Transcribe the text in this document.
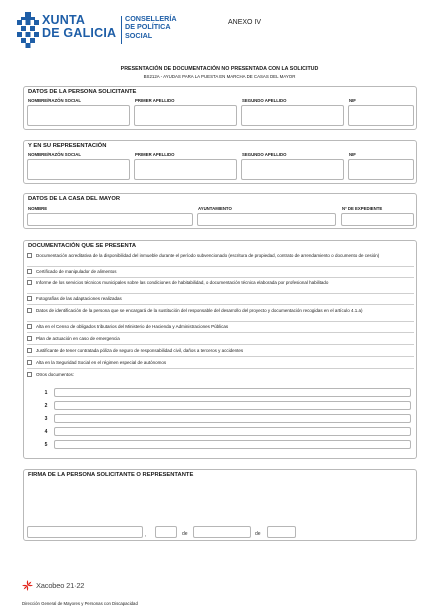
XUNTA
DE GALICIA
CONSELLERÍA
DE POLÍTICA
SOCIAL
ANEXO IV
PRESENTACIÓN DE DOCUMENTACIÓN NO PRESENTADA CON LA SOLICITUD
BS212A - AYUDAS PARA LA PUESTA EN MARCHA DE CASAS DEL MAYOR
DATOS DE LA PERSONA SOLICITANTE
NOMBRE/RAZÓN SOCIAL	PRIMER APELLIDO	SEGUNDO APELLIDO	NIF
Y EN SU REPRESENTACIÓN
NOMBRE/RAZÓN SOCIAL	PRIMER APELLIDO	SEGUNDO APELLIDO	NIF
DATOS DE LA CASA DEL MAYOR
NOMBRE	AYUNTAMIENTO	Nº DE EXPEDIENTE
DOCUMENTACIÓN QUE SE PRESENTA
Documentación acreditativa de la disponibilidad del inmueble durante el período subvencionado (escritura de propiedad, contrato de arrendamiento o documento de cesión)
Certificado de manipulador de alimentos
Informe de los servicios técnicos municipales sobre las condiciones de habitabilidad, o documentación técnica elaborada por profesional habilitado
Fotografías de las adaptaciones realizadas
Datos de identificación de la persona que se encargará de la sustitución del responsable del desarrollo del proyecto y documentación recogidas en el artículo 4.1.a)
Alta en el Censo de obligados tributarios del Ministerio de Hacienda y Administraciones Públicas
Plan de actuación en caso de emergencia
Justificante de tener contratada póliza de seguro de responsabilidad civil, daños a terceros y accidentes
Alta en la Seguridad Social en el régimen especial de autónomos
Otros documentos:
1
2
3
4
5
FIRMA DE LA PERSONA SOLICITANTE O REPRESENTANTE
,	de	de
Xacobeo 21·22
Dirección General de Mayores y Personas con Discapacidad
